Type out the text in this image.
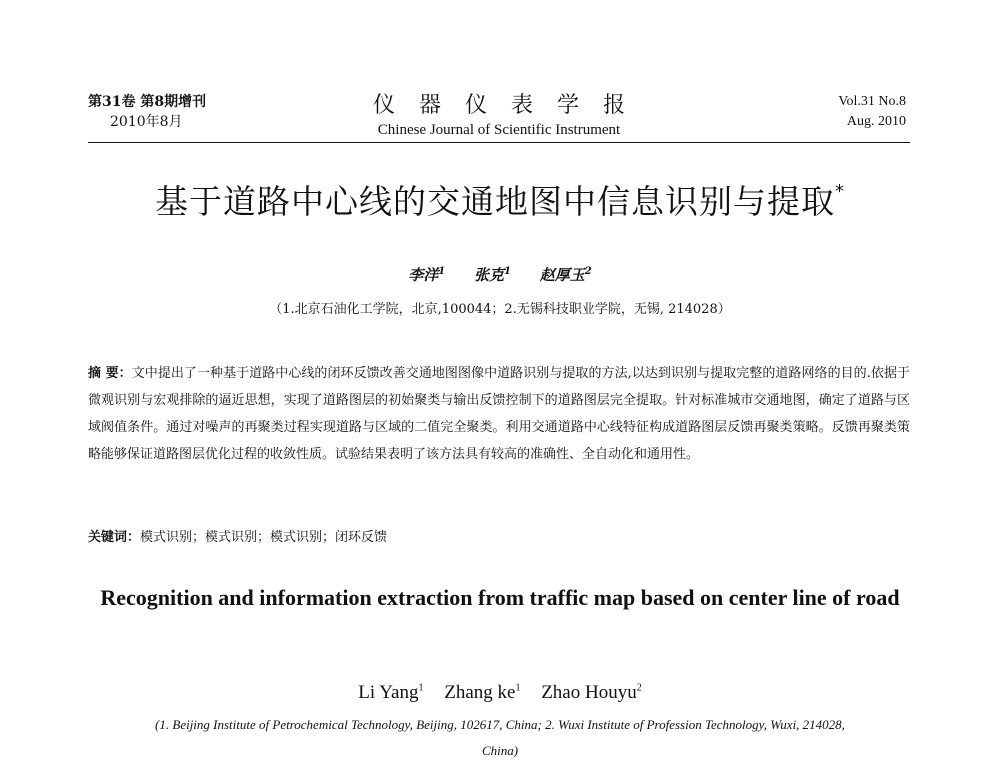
第31卷 第8期增刊
2010年8月
仪器仪表学报
Chinese Journal of Scientific Instrument
Vol.31 No.8
Aug. 2010
基于道路中心线的交通地图中信息识别与提取*
李洋$^1$ 张克$^1$ 赵厚玉$^2$
（1.北京石油化工学院，北京,100044；2.无锡科技职业学院，无锡, 214028）
摘 要：文中提出了一种基于道路中心线的闭环反馈改善交通地图图像中道路识别与提取的方法,以达到识别与提取完整的道路网络的目的.依据于微观识别与宏观排除的逼近思想，实现了道路图层的初始聚类与输出反馈控制下的道路图层完全提取。针对标准城市交通地图，确定了道路与区域阀值条件。通过对噪声的再聚类过程实现道路与区域的二值完全聚类。利用交通道路中心线特征构成道路图层反馈再聚类策略。反馈再聚类策略能够保证道路图层优化过程的收敛性质。试验结果表明了该方法具有较高的准确性、全自动化和通用性。
关键词：模式识别；模式识别；模式识别；闭环反馈
Recognition and information extraction from traffic map based on center line of road
Li Yang$^1$ Zhang $ke^1$ Zhao Houyu$^2$
(1. Beijing Institute of Petrochemical Technology, Beijing, 102617, China; 2. Wuxi Institute of Profession Technology, Wuxi, 214028, China)
